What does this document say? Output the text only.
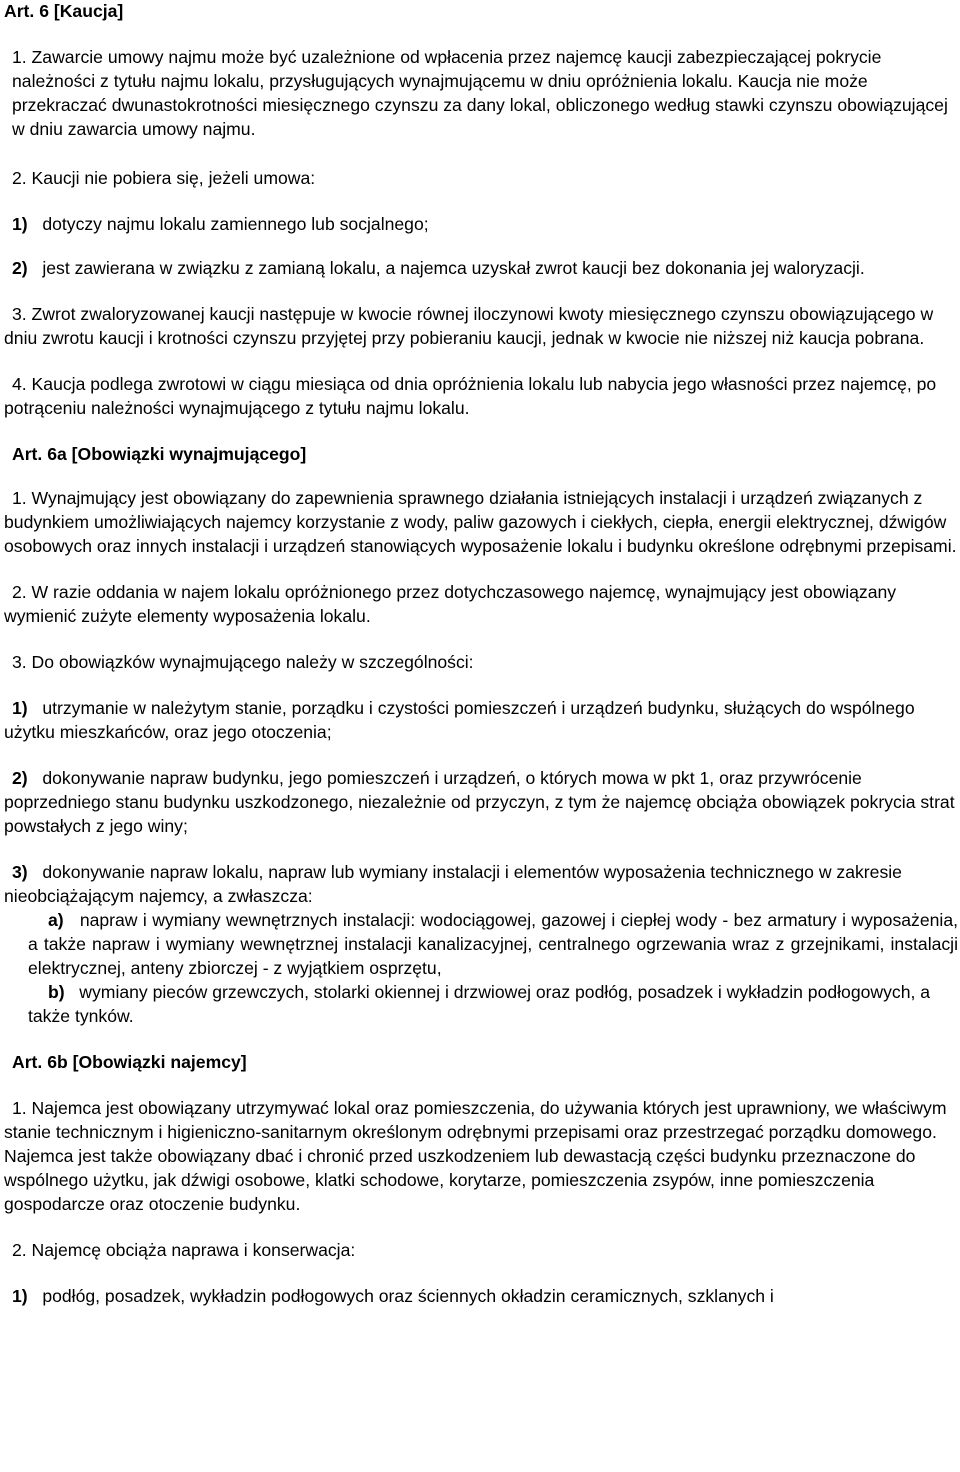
Art. 6 [Kaucja]

1. Zawarcie umowy najmu może być uzależnione od wpłacenia przez najemcę kaucji zabezpieczającej pokrycie należności z tytułu najmu lokalu, przysługujących wynajmującemu w dniu opróżnienia lokalu. Kaucja nie może przekraczać dwunastokrotności miesięcznego czynszu za dany lokal, obliczonego według stawki czynszu obowiązującej w dniu zawarcia umowy najmu.

2. Kaucji nie pobiera się, jeżeli umowa:

1) dotyczy najmu lokalu zamiennego lub socjalnego;

2) jest zawierana w związku z zamianą lokalu, a najemca uzyskał zwrot kaucji bez dokonania jej waloryzacji.

3. Zwrot zwaloryzowanej kaucji następuje w kwocie równej iloczynowi kwoty miesięcznego czynszu obowiązującego w dniu zwrotu kaucji i krotności czynszu przyjętej przy pobieraniu kaucji, jednak w kwocie nie niższej niż kaucja pobrana.

4. Kaucja podlega zwrotowi w ciągu miesiąca od dnia opróżnienia lokalu lub nabycia jego własności przez najemcę, po potrąceniu należności wynajmującego z tytułu najmu lokalu.

Art. 6a [Obowiązki wynajmującego]

1. Wynajmujący jest obowiązany do zapewnienia sprawnego działania istniejących instalacji i urządzeń związanych z budynkiem umożliwiających najemcy korzystanie z wody, paliw gazowych i ciekłych, ciepła, energii elektrycznej, dźwigów osobowych oraz innych instalacji i urządzeń stanowiących wyposażenie lokalu i budynku określone odrębnymi przepisami.

2. W razie oddania w najem lokalu opróżnionego przez dotychczasowego najemcę, wynajmujący jest obowiązany wymienić zużyte elementy wyposażenia lokalu.

3. Do obowiązków wynajmującego należy w szczególności:

1) utrzymanie w należytym stanie, porządku i czystości pomieszczeń i urządzeń budynku, służących do wspólnego użytku mieszkańców, oraz jego otoczenia;

2) dokonywanie napraw budynku, jego pomieszczeń i urządzeń, o których mowa w pkt 1, oraz przywrócenie poprzedniego stanu budynku uszkodzonego, niezależnie od przyczyn, z tym że najemcę obciąża obowiązek pokrycia strat powstałych z jego winy;

3) dokonywanie napraw lokalu, napraw lub wymiany instalacji i elementów wyposażenia technicznego w zakresie nieobciążającym najemcy, a zwłaszcza:

a) napraw i wymiany wewnętrznych instalacji: wodociągowej, gazowej i ciepłej wody - bez armatury i wyposażenia, a także napraw i wymiany wewnętrznej instalacji kanalizacyjnej, centralnego ogrzewania wraz z grzejnikami, instalacji elektrycznej, anteny zbiorczej - z wyjątkiem osprzętu,

b) wymiany pieców grzewczych, stolarki okiennej i drzwiowej oraz podłóg, posadzek i wykładzin podłogowych, a także tynków.

Art. 6b [Obowiązki najemcy]

1. Najemca jest obowiązany utrzymywać lokal oraz pomieszczenia, do używania których jest uprawniony, we właściwym stanie technicznym i higieniczno-sanitarnym określonym odrębnymi przepisami oraz przestrzegać porządku domowego. Najemca jest także obowiązany dbać i chronić przed uszkodzeniem lub dewastacją części budynku przeznaczone do wspólnego użytku, jak dźwigi osobowe, klatki schodowe, korytarze, pomieszczenia zsypów, inne pomieszczenia gospodarcze oraz otoczenie budynku.

2. Najemcę obciąża naprawa i konserwacja:

1) podłóg, posadzek, wykładzin podłogowych oraz ściennych okładzin ceramicznych, szklanych i
